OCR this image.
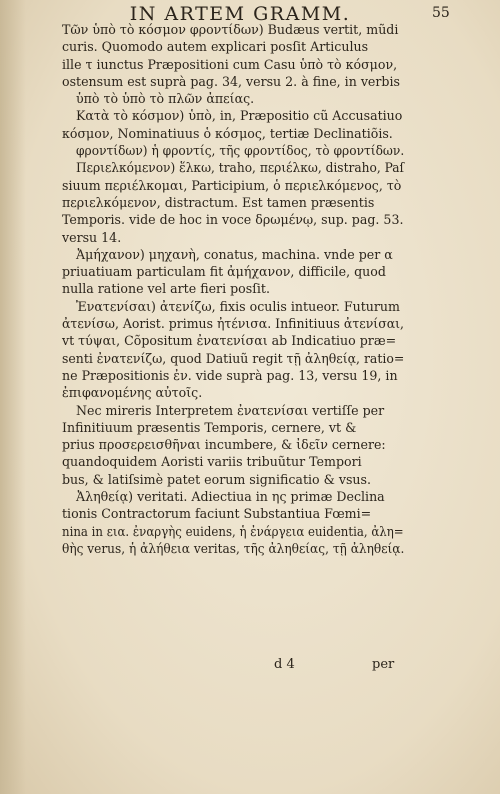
IN ARTEM GRAMM.	55

Τῶν ὑπὸ τὸ κόσμον φροντίδων) Budæus vertit, mũdi
curis. Quomodo autem explicari posſit Articulus
ille τ iunctus Præpositioni cum Casu ὑπὸ τὸ κόσμον,
ostensum est suprà pag. 34, versu 2. à fine, in verbis
ὑπὸ τὸ ὑπὸ τὸ πλῶν ἀπείας.

Κατὰ τὸ κόσμον) ὑπὸ, in, Præpositio cũ Accusatiuo
κόσμον, Nominatiuus ὁ κόσμος, tertiæ Declinatiõis.

φροντίδων) ἡ φροντίς, τῆς φροντίδος, τὸ φροντίδων.

Περιελκόμενον) ἕλκω, traho, περιέλκω, distraho, Paſ
siuum περιέλκομαι, Participium, ὁ περιελκόμενος, τὸ
περιελκόμενον, distractum. Est tamen præsentis
Temporis. vide de hoc in voce δρωμένῳ, sup. pag. 53.
versu 14.

Ἀμήχανον) μηχανὴ, conatus, machina. vnde per α
priuatiuam particulam fit ἀμήχανον, difficile, quod
nulla ratione vel arte fieri posſit.

Ἐνατενίσαι) ἀτενίζω, fixis oculis intueor. Futurum
ἀτενίσω, Aorist. primus ἠτένισα. Infinitiuus ἀτενίσαι,
vt τύψαι, Cõpositum ἐνατενίσαι ab Indicatiuo præ=
senti ἐνατενίζω, quod Datiuũ regit τῇ ἀληθείᾳ, ratio=
ne Præpositionis ἐν. vide suprà pag. 13, versu 19, in
ἐπιφανομένης αὐτοῖς.

Nec mireris Interpretem ἐνατενίσαι vertiſſe per
Infinitiuum præsentis Temporis, cernere, vt &
prius προσερεισθῆναι incumbere, & ἰδεῖν cernere:
quandoquidem Aoristi variis tribuũtur Tempori
bus, & latiſsimè patet eorum significatio & vsus.

Ἀληθείᾳ) veritati. Adiectiua in ης primæ Declina
tionis Contractorum faciunt Substantiua Fœmi=
nina in εια. ἐναργὴς euidens, ἡ ἐνάργεια euidentia, ἀλη=
θὴς verus, ἡ ἀλήθεια veritas, τῆς ἀληθείας, τῇ ἀληθείᾳ.

d 4	per
